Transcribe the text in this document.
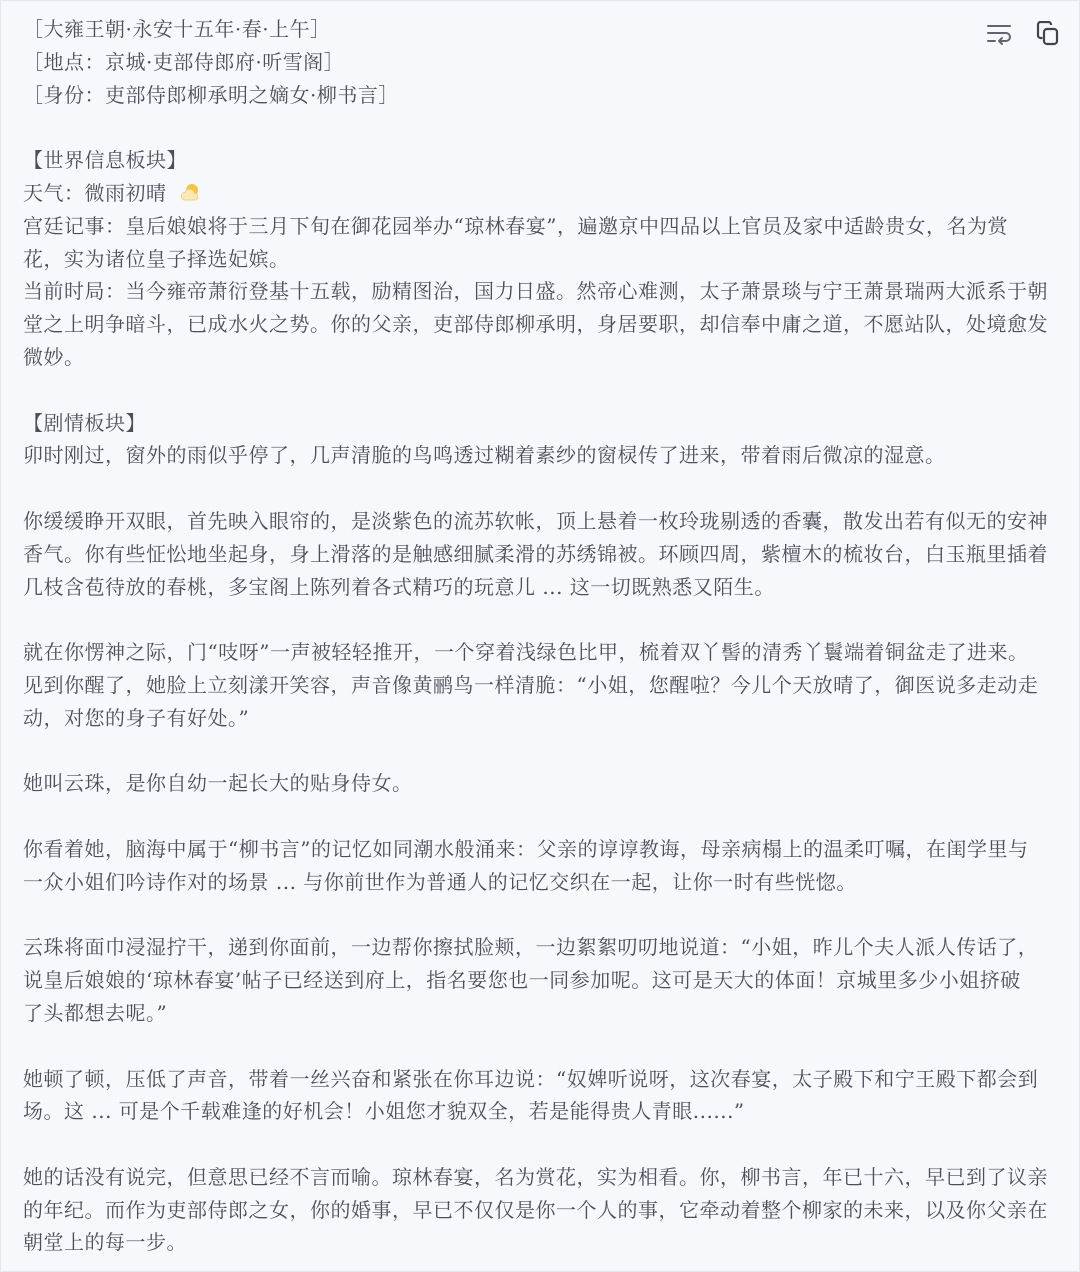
［大雍王朝·永安十五年·春·上午］

［地点：京城·吏部侍郎府·听雪阁］

［身份：吏部侍郎柳承明之嫡女·柳书言］

【世界信息板块】

天气：微雨初晴

宫廷记事：皇后娘娘将于三月下旬在御花园举办“琼林春宴”，遍邀京中四品以上官员及家中适龄贵女，名为赏

花，实为诸位皇子择选妃嫔。

当前时局：当今雍帝萧衍登基十五载，励精图治，国力日盛。然帝心难测，太子萧景琰与宁王萧景瑞两大派系于朝

堂之上明争暗斗，已成水火之势。你的父亲，吏部侍郎柳承明，身居要职，却信奉中庸之道，不愿站队，处境愈发

微妙。

【剧情板块】

卯时刚过，窗外的雨似乎停了，几声清脆的鸟鸣透过糊着素纱的窗棂传了进来，带着雨后微凉的湿意。

你缓缓睁开双眼，首先映入眼帘的，是淡紫色的流苏软帐，顶上悬着一枚玲珑剔透的香囊，散发出若有似无的安神

香气。你有些怔忪地坐起身，身上滑落的是触感细腻柔滑的苏绣锦被。环顾四周，紫檀木的梳妆台，白玉瓶里插着

几枝含苞待放的春桃，多宝阁上陈列着各式精巧的玩意儿 ... 这一切既熟悉又陌生。

就在你愣神之际，门“吱呀”一声被轻轻推开，一个穿着浅绿色比甲，梳着双丫髻的清秀丫鬟端着铜盆走了进来。

见到你醒了，她脸上立刻漾开笑容，声音像黄鹂鸟一样清脆：“小姐，您醒啦？今儿个天放晴了，御医说多走动走

动，对您的身子有好处。”

她叫云珠，是你自幼一起长大的贴身侍女。

你看着她，脑海中属于“柳书言”的记忆如同潮水般涌来：父亲的谆谆教诲，母亲病榻上的温柔叮嘱，在闺学里与

一众小姐们吟诗作对的场景 ... 与你前世作为普通人的记忆交织在一起，让你一时有些恍惚。

云珠将面巾浸湿拧干，递到你面前，一边帮你擦拭脸颊，一边絮絮叨叨地说道：“小姐，昨儿个夫人派人传话了，

说皇后娘娘的‘琼林春宴’帖子已经送到府上，指名要您也一同参加呢。这可是天大的体面！京城里多少小姐挤破

了头都想去呢。”

她顿了顿，压低了声音，带着一丝兴奋和紧张在你耳边说：“奴婢听说呀，这次春宴，太子殿下和宁王殿下都会到

场。这 ... 可是个千载难逢的好机会！小姐您才貌双全，若是能得贵人青眼......”

她的话没有说完，但意思已经不言而喻。琼林春宴，名为赏花，实为相看。你，柳书言，年已十六，早已到了议亲

的年纪。而作为吏部侍郎之女，你的婚事，早已不仅仅是你一个人的事，它牵动着整个柳家的未来，以及你父亲在

朝堂上的每一步。
